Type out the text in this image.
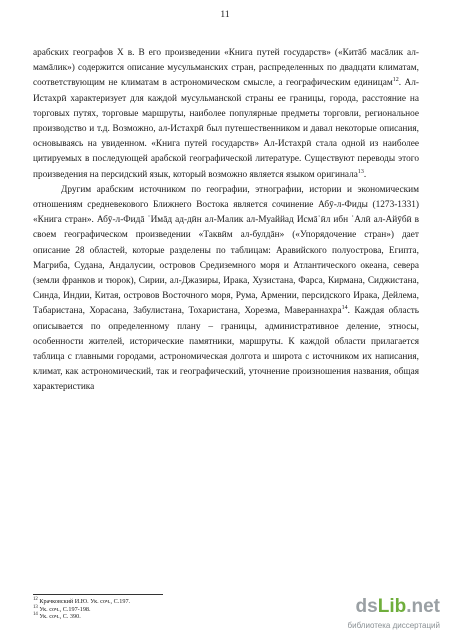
11

арабских географов X в. В его произведении «Книга путей государств» («Китāб масāлик ал-мамāлик») содержится описание мусульманских стран, распределенных по двадцати климатам, соответствующим не климатам в астрономическом смысле, а географическим единицам$^{12}$. Ал-Истахрӣ характеризует для каждой мусульманской страны ее границы, города, расстояние на торговых путях, торговые маршруты, наиболее популярные предметы торговли, региональное производство и т.д. Возможно, ал-Истахрӣ был путешественником и давал некоторые описания, основываясь на увиденном. «Книга путей государств» Ал-Истахрӣ стала одной из наиболее цитируемых в последующей арабской географической литературе. Существуют переводы этого произведения на персидский язык, который возможно является языком оригинала$^{13}$.

Другим арабским источником по географии, этнографии, истории и экономическим отношениям средневекового Ближнего Востока является сочинение Абӯ-л-Фиды (1273-1331) «Книга стран». Абӯ-л-Фидā ʿИмāд ад-дӣн ал-Малик ал-Муаййад Исмāʿӣл ибн ʿАлӣ ал-Айӯбӣ в своем географическом произведении «Таквӣм ал-булдāн» («Упорядочение стран») дает описание 28 областей, которые разделены по таблицам: Аравийского полуострова, Египта, Магриба, Судана, Андалусии, островов Средиземного моря и Атлантического океана, севера (земли франков и тюрок), Сирии, ал-Джазиры, Ирака, Хузистана, Фарса, Кирмана, Сиджистана, Синда, Индии, Китая, островов Восточного моря, Рума, Армении, персидского Ирака, Дейлема, Табаристана, Хорасана, Забулистана, Тохаристана, Хорезма, Мавераннахра$^{14}$. Каждая область описывается по определенному плану – границы, административное деление, этносы, особенности жителей, исторические памятники, маршруты. К каждой области прилагается таблица с главными городами, астрономическая долгота и широта с источником их написания, климат, как астрономический, так и географический, уточнение произношения названия, общая характеристика

$^{12}$ Крачковский И.Ю. Ук. соч., С.197.
$^{13}$ Ук. соч., С.197-198.
$^{14}$ Ук. соч., С. 390.	dsLib.net
библиотека диссертаций
